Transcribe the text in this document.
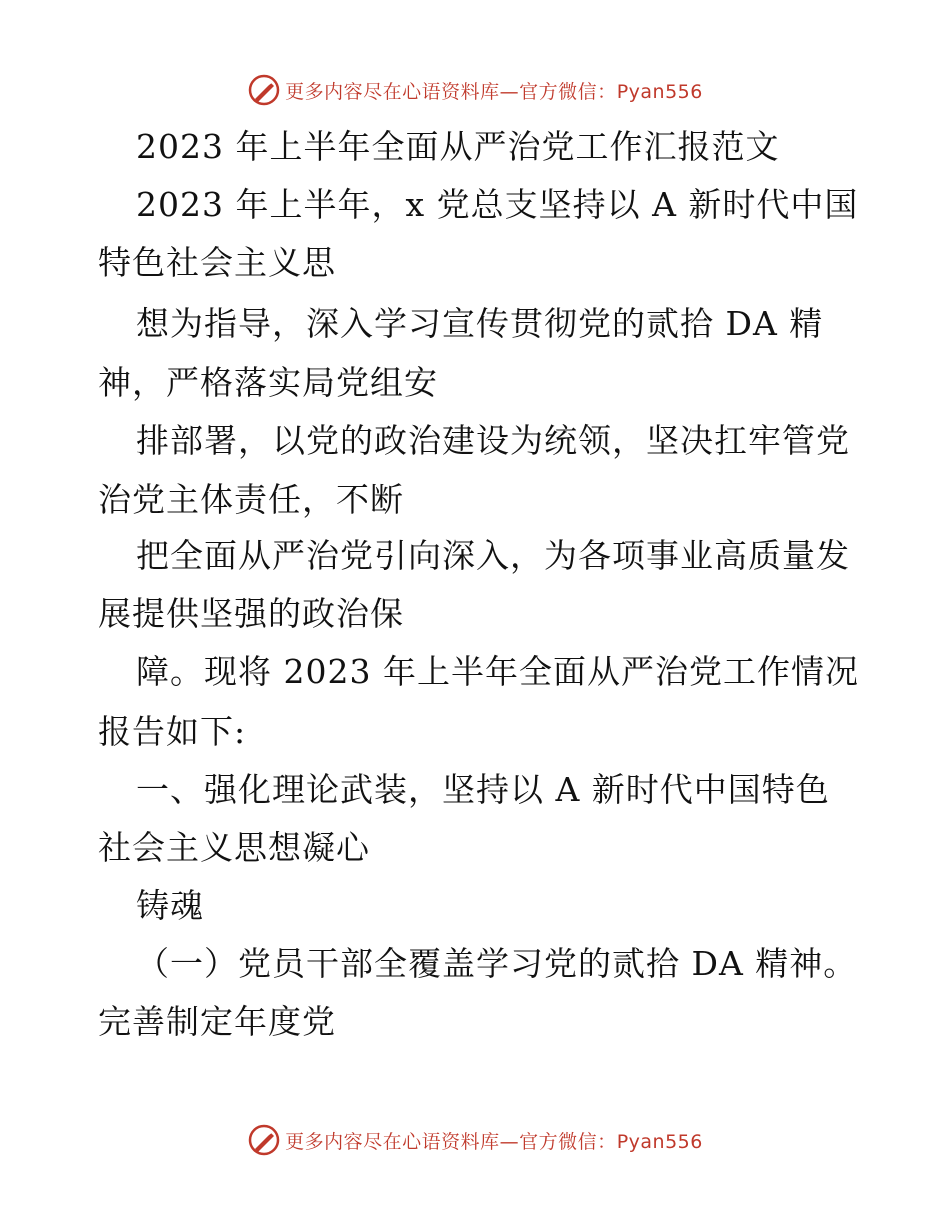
更多内容尽在心语资料库—官方微信：Pyan556
2023 年上半年全面从严治党工作汇报范文
2023 年上半年，x 党总支坚持以 A 新时代中国
特色社会主义思
想为指导，深入学习宣传贯彻党的贰拾 DA 精
神，严格落实局党组安
排部署，以党的政治建设为统领，坚决扛牢管党
治党主体责任，不断
把全面从严治党引向深入，为各项事业高质量发
展提供坚强的政治保
障。现将 2023 年上半年全面从严治党工作情况
报告如下:
一、强化理论武装，坚持以 A 新时代中国特色
社会主义思想凝心
铸魂
（一）党员干部全覆盖学习党的贰拾 DA 精神。
完善制定年度党
更多内容尽在心语资料库—官方微信：Pyan556
